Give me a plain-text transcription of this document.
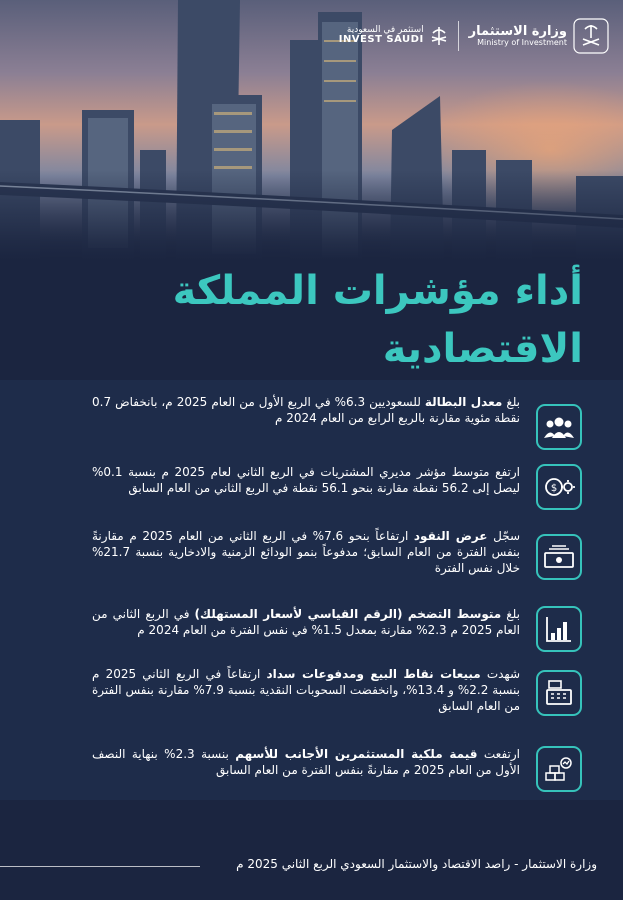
استثمر في السعودية
INVEST SAUDI
وزارة الاستثمار
Ministry of Investment
أداء مؤشرات المملكة الاقتصادية
بلغ معدل البطالة للسعوديين 6.3% في الربع الأول من العام 2025 م، بانخفاض 0.7 نقطة مئوية مقارنة بالربع الرابع من العام 2024 م
$
ارتفع متوسط مؤشر مديري المشتريات في الربع الثاني لعام 2025 م بنسبة 0.1% ليصل إلى 56.2 نقطة مقارنة بنحو 56.1 نقطة في الربع الثاني من العام السابق
سجّل عرض النقود ارتفاعاً بنحو 7.6% في الربع الثاني من العام 2025 م مقارنةً بنفس الفترة من العام السابق؛ مدفوعاً بنمو الودائع الزمنية والادخارية بنسبة 21.7% خلال نفس الفترة
بلغ متوسط التضخم (الرقم القياسي لأسعار المستهلك) في الربع الثاني من العام 2025 م 2.3% مقارنة بمعدل 1.5% في نفس الفترة من العام 2024 م
شهدت مبيعات نقاط البيع ومدفوعات سداد ارتفاعاً في الربع الثاني 2025 م بنسبة 2.2% و 13.4%، وانخفضت السحوبات النقدية بنسبة 7.9% مقارنة بنفس الفترة من العام السابق
ارتفعت قيمة ملكية المستثمرين الأجانب للأسهم بنسبة 2.3% بنهاية النصف الأول من العام 2025 م مقارنةً بنفس الفترة من العام السابق
وزارة الاستثمار - راصد الاقتصاد والاستثمار السعودي الربع الثاني 2025 م
